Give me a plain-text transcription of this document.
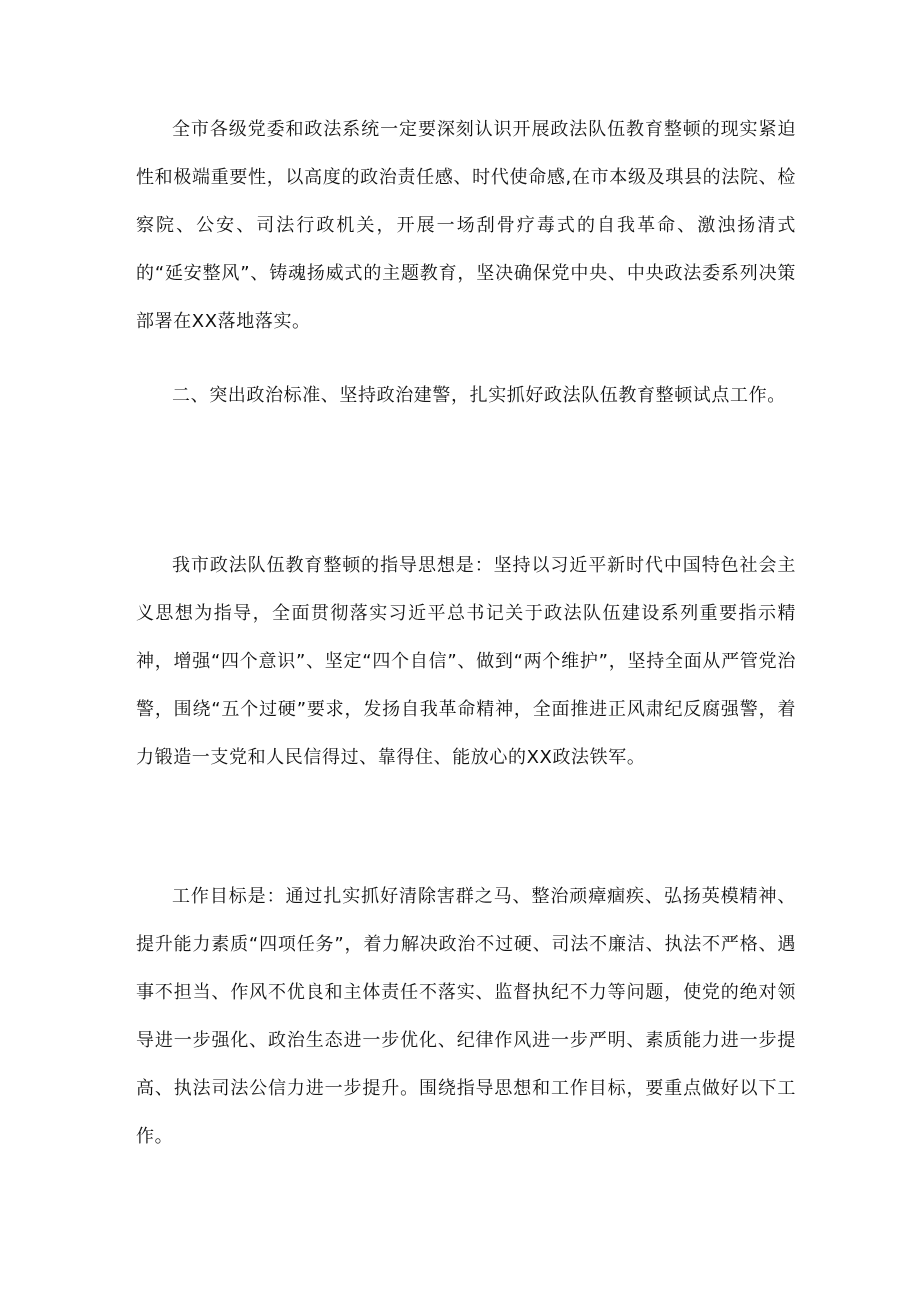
全市各级党委和政法系统一定要深刻认识开展政法队伍教育整顿的现实紧迫性和极端重要性，以高度的政治责任感、时代使命感,在市本级及琪县的法院、检察院、公安、司法行政机关，开展一场刮骨疗毒式的自我革命、激浊扬清式的“延安整风”、铸魂扬威式的主题教育，坚决确保党中央、中央政法委系列决策部署在XX落地落实。

二、突出政治标准、坚持政治建警，扎实抓好政法队伍教育整顿试点工作。

我市政法队伍教育整顿的指导思想是：坚持以习近平新时代中国特色社会主义思想为指导，全面贯彻落实习近平总书记关于政法队伍建设系列重要指示精神，增强“四个意识”、坚定“四个自信”、做到“两个维护”，坚持全面从严管党治警，围绕“五个过硬”要求，发扬自我革命精神，全面推进正风肃纪反腐强警，着力锻造一支党和人民信得过、靠得住、能放心的XX政法铁军。

工作目标是：通过扎实抓好清除害群之马、整治顽瘴痼疾、弘扬英模精神、提升能力素质“四项任务”，着力解决政治不过硬、司法不廉洁、执法不严格、遇事不担当、作风不优良和主体责任不落实、监督执纪不力等问题，使党的绝对领导进一步强化、政治生态进一步优化、纪律作风进一步严明、素质能力进一步提高、执法司法公信力进一步提升。围绕指导思想和工作目标，要重点做好以下工作。
